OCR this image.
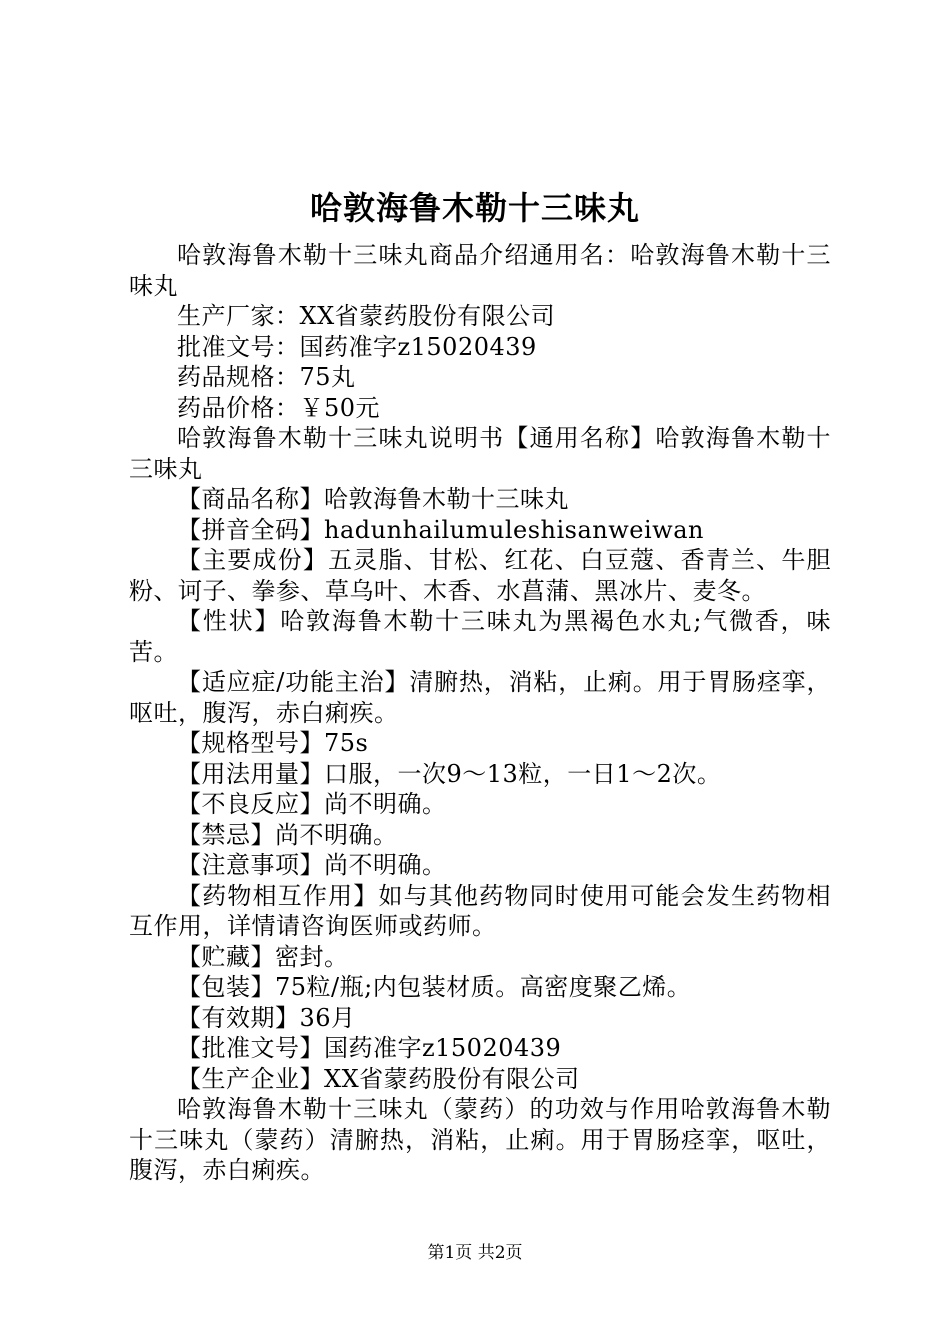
哈敦海鲁木勒十三味丸

哈敦海鲁木勒十三味丸商品介绍通用名：哈敦海鲁木勒十三味丸

生产厂家：XX省蒙药股份有限公司

批准文号：国药准字z15020439

药品规格：75丸

药品价格：￥50元

哈敦海鲁木勒十三味丸说明书【通用名称】哈敦海鲁木勒十三味丸

【商品名称】哈敦海鲁木勒十三味丸

【拼音全码】hadunhailumuleshisanweiwan

【主要成份】五灵脂、甘松、红花、白豆蔻、香青兰、牛胆粉、诃子、拳参、草乌叶、木香、水菖蒲、黑冰片、麦冬。

【性状】哈敦海鲁木勒十三味丸为黑褐色水丸;气微香，味苦。

【适应症/功能主治】清腑热，消粘，止痢。用于胃肠痉挛，呕吐，腹泻，赤白痢疾。

【规格型号】75s

【用法用量】口服，一次9～13粒，一日1～2次。

【不良反应】尚不明确。

【禁忌】尚不明确。

【注意事项】尚不明确。

【药物相互作用】如与其他药物同时使用可能会发生药物相互作用，详情请咨询医师或药师。

【贮藏】密封。

【包装】75粒/瓶;内包装材质。高密度聚乙烯。

【有效期】36月

【批准文号】国药准字z15020439

【生产企业】XX省蒙药股份有限公司

哈敦海鲁木勒十三味丸（蒙药）的功效与作用哈敦海鲁木勒十三味丸（蒙药）清腑热，消粘，止痢。用于胃肠痉挛，呕吐，腹泻，赤白痢疾。

第1页 共2页
